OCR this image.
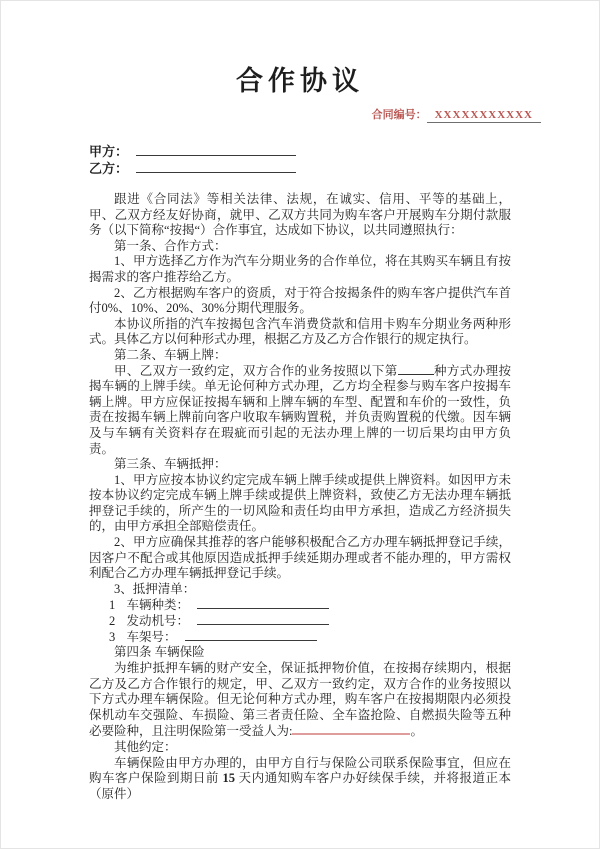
合作协议
合同编号： XXXXXXXXXXX
甲方：
乙方：

跟进《合同法》等相关法律、法规，在诚实、信用、平等的基础上，甲、乙双方经友好协商，就甲、乙双方共同为购车客户开展购车分期付款服务（以下简称“按揭“）合作事宜，达成如下协议，以共同遵照执行：

第一条、合作方式：

1、甲方选择乙方作为汽车分期业务的合作单位，将在其购买车辆且有按揭需求的客户推荐给乙方。

2、乙方根据购车客户的资质，对于符合按揭条件的购车客户提供汽车首付0%、10%、20%、30%分期代理服务。

本协议所指的汽车按揭包含汽车消费贷款和信用卡购车分期业务两种形式。具体乙方以何种形式办理，根据乙方及乙方合作银行的规定执行。

第二条、车辆上牌：

甲、乙双方一致约定，双方合作的业务按照以下第	种方式办理按揭车辆的上牌手续。单无论何种方式办理，乙方均全程参与购车客户按揭车辆上牌。甲方应保证按揭车辆和上牌车辆的车型、配置和车价的一致性，负责在按揭车辆上牌前向客户收取车辆购置税，并负责购置税的代缴。因车辆及与车辆有关资料存在瑕疵而引起的无法办理上牌的一切后果均由甲方负责。

第三条、车辆抵押：

1、甲方应按本协议约定完成车辆上牌手续或提供上牌资料。如因甲方未按本协议约定完成车辆上牌手续或提供上牌资料，致使乙方无法办理车辆抵押登记手续的，所产生的一切风险和责任均由甲方承担，造成乙方经济损失的，由甲方承担全部赔偿责任。

2、甲方应确保其推荐的客户能够积极配合乙方办理车辆抵押登记手续，因客户不配合或其他原因造成抵押手续延期办理或者不能办理的，甲方需权利配合乙方办理车辆抵押登记手续。

3、抵押清单：

1 车辆种类：
2 发动机号：
3 车架号：

第四条 车辆保险

为维护抵押车辆的财产安全，保证抵押物价值，在按揭存续期内，根据乙方及乙方合作银行的规定，甲、乙双方一致约定，双方合作的业务按照以下方式办理车辆保险。但无论何种方式办理，购车客户在按揭期限内必须投保机动车交强险、车损险、第三者责任险、全车盗抢险、自燃损失险等五种必要险种，且注明保险第一受益人为:	。

其他约定：

车辆保险由甲方办理的，由甲方自行与保险公司联系保险事宜，但应在购车客户保险到期日前 15 天内通知购车客户办好续保手续，并将报道正本（原件）
